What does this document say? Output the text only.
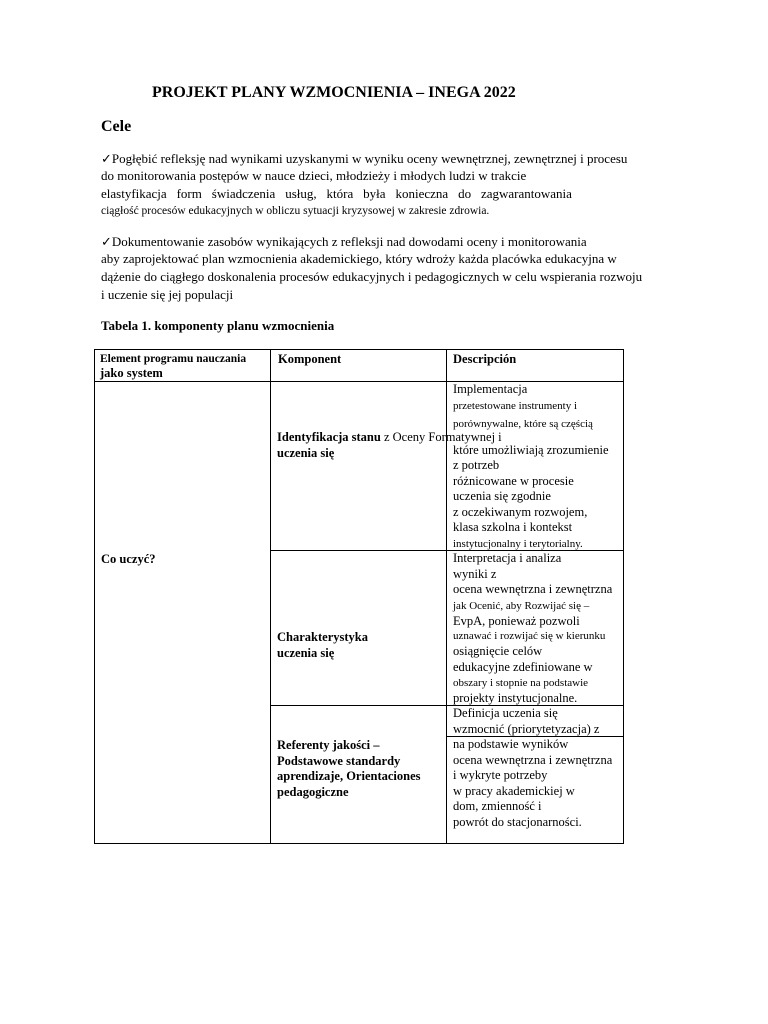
PROJEKT PLANY WZMOCNIENIA – INEGA 2022
Cele
✓Pogłębić refleksję nad wynikami uzyskanymi w wyniku oceny wewnętrznej, zewnętrznej i procesu
do monitorowania postępów w nauce dzieci, młodzieży i młodych ludzi w trakcie
elastyfikacja form świadczenia usług, która była konieczna do zagwarantowania
ciągłość procesów edukacyjnych w obliczu sytuacji kryzysowej w zakresie zdrowia.
✓Dokumentowanie zasobów wynikających z refleksji nad dowodami oceny i monitorowania
aby zaprojektować plan wzmocnienia akademickiego, który wdroży każda placówka edukacyjna w
dążenie do ciągłego doskonalenia procesów edukacyjnych i pedagogicznych w celu wspierania rozwoju
i uczenie się jej populacji
Tabela 1. komponenty planu wzmocnienia
Element programu nauczania
jako system
Komponent	Descripción
Co uczyć?
Identyfikacja stanu z Oceny Formatywnej i
uczenia się
Implementacja
przetestowane instrumenty i
porównywalne, które są częścią
które umożliwiają zrozumienie
z potrzeb
różnicowane w procesie
uczenia się zgodnie
z oczekiwanym rozwojem,
klasa szkolna i kontekst
instytucjonalny i terytorialny.
Charakterystyka
uczenia się
Interpretacja i analiza
wyniki z
ocena wewnętrzna i zewnętrzna
jak Ocenić, aby Rozwijać się –
EvpA, ponieważ pozwoli
uznawać i rozwijać się w kierunku
osiągnięcie celów
edukacyjne zdefiniowane w
obszary i stopnie na podstawie
projekty instytucjonalne.
Referenty jakości –
Podstawowe standardy
aprendizaje, Orientaciones
pedagogiczne
Definicja uczenia się
wzmocnić (priorytetyzacja) z
na podstawie wyników
ocena wewnętrzna i zewnętrzna
i wykryte potrzeby
w pracy akademickiej w
dom, zmienność i
powrót do stacjonarności.
